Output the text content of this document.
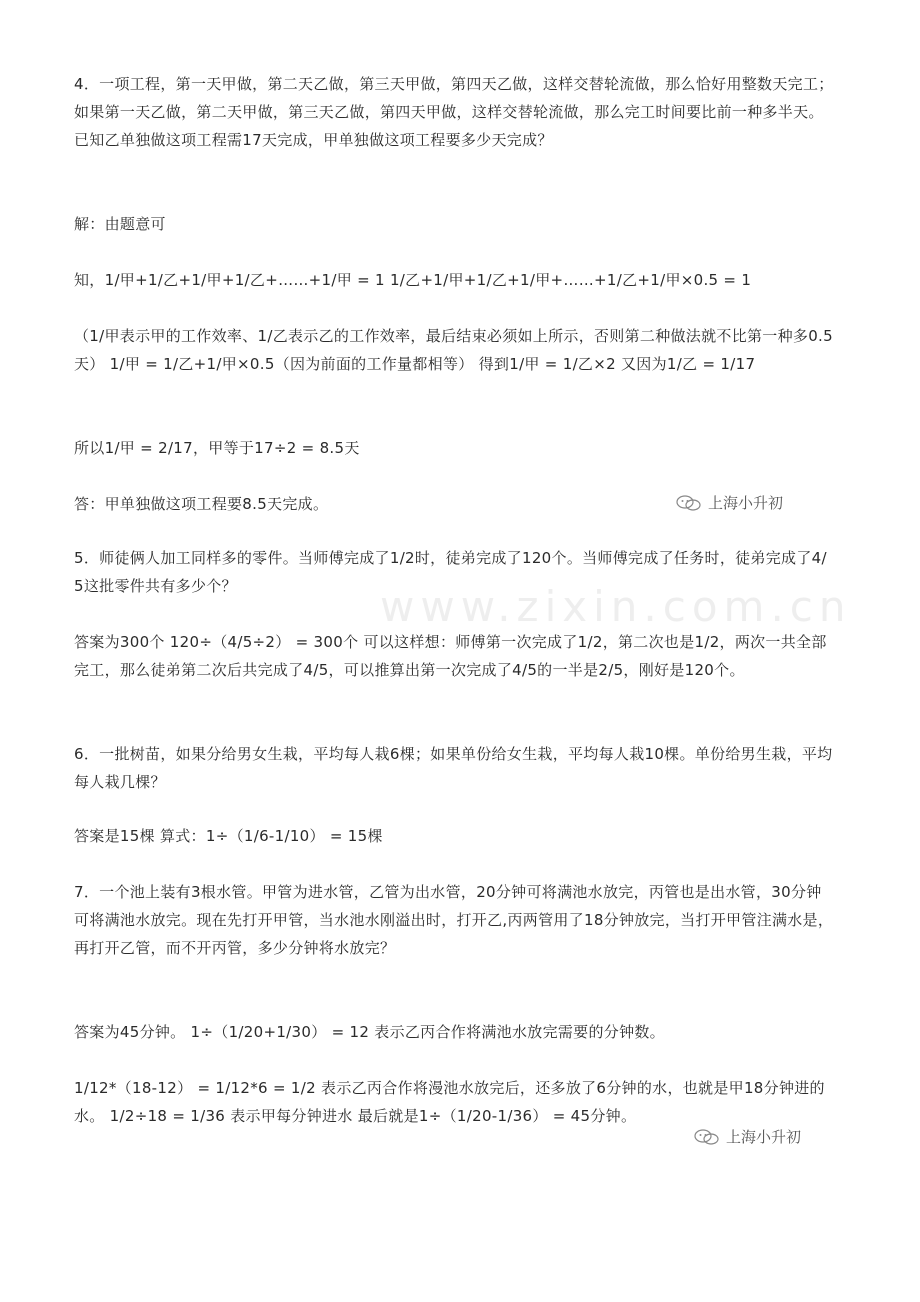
www.zixin.com.cn

4．一项工程，第一天甲做，第二天乙做，第三天甲做，第四天乙做，这样交替轮流做，那么恰好用整数天完工；如果第一天乙做，第二天甲做，第三天乙做，第四天甲做，这样交替轮流做，那么完工时间要比前一种多半天。已知乙单独做这项工程需17天完成，甲单独做这项工程要多少天完成？

解：由题意可

知，1/甲+1/乙+1/甲+1/乙+……+1/甲 = 1 1/乙+1/甲+1/乙+1/甲+……+1/乙+1/甲×0.5 = 1

（1/甲表示甲的工作效率、1/乙表示乙的工作效率，最后结束必须如上所示，否则第二种做法就不比第一种多0.5天） 1/甲 = 1/乙+1/甲×0.5（因为前面的工作量都相等） 得到1/甲 = 1/乙×2 又因为1/乙 = 1/17

所以1/甲 = 2/17，甲等于17÷2 = 8.5天

答：甲单独做这项工程要8.5天完成。	上海小升初

5．师徒俩人加工同样多的零件。当师傅完成了1/2时，徒弟完成了120个。当师傅完成了任务时，徒弟完成了4/5这批零件共有多少个？

答案为300个 120÷（4/5÷2） = 300个 可以这样想：师傅第一次完成了1/2，第二次也是1/2，两次一共全部完工，那么徒弟第二次后共完成了4/5，可以推算出第一次完成了4/5的一半是2/5，刚好是120个。

6．一批树苗，如果分给男女生栽，平均每人栽6棵；如果单份给女生栽，平均每人栽10棵。单份给男生栽，平均每人栽几棵？

答案是15棵 算式：1÷（1/6-1/10） = 15棵

7．一个池上装有3根水管。甲管为进水管，乙管为出水管，20分钟可将满池水放完，丙管也是出水管，30分钟可将满池水放完。现在先打开甲管，当水池水刚溢出时，打开乙,丙两管用了18分钟放完，当打开甲管注满水是，再打开乙管，而不开丙管，多少分钟将水放完？

答案为45分钟。 1÷（1/20+1/30） = 12 表示乙丙合作将满池水放完需要的分钟数。

1/12*（18-12） = 1/12*6 = 1/2 表示乙丙合作将漫池水放完后，还多放了6分钟的水，也就是甲18分钟进的水。 1/2÷18 = 1/36 表示甲每分钟进水 最后就是1÷（1/20-1/36） = 45分钟。

上海小升初
